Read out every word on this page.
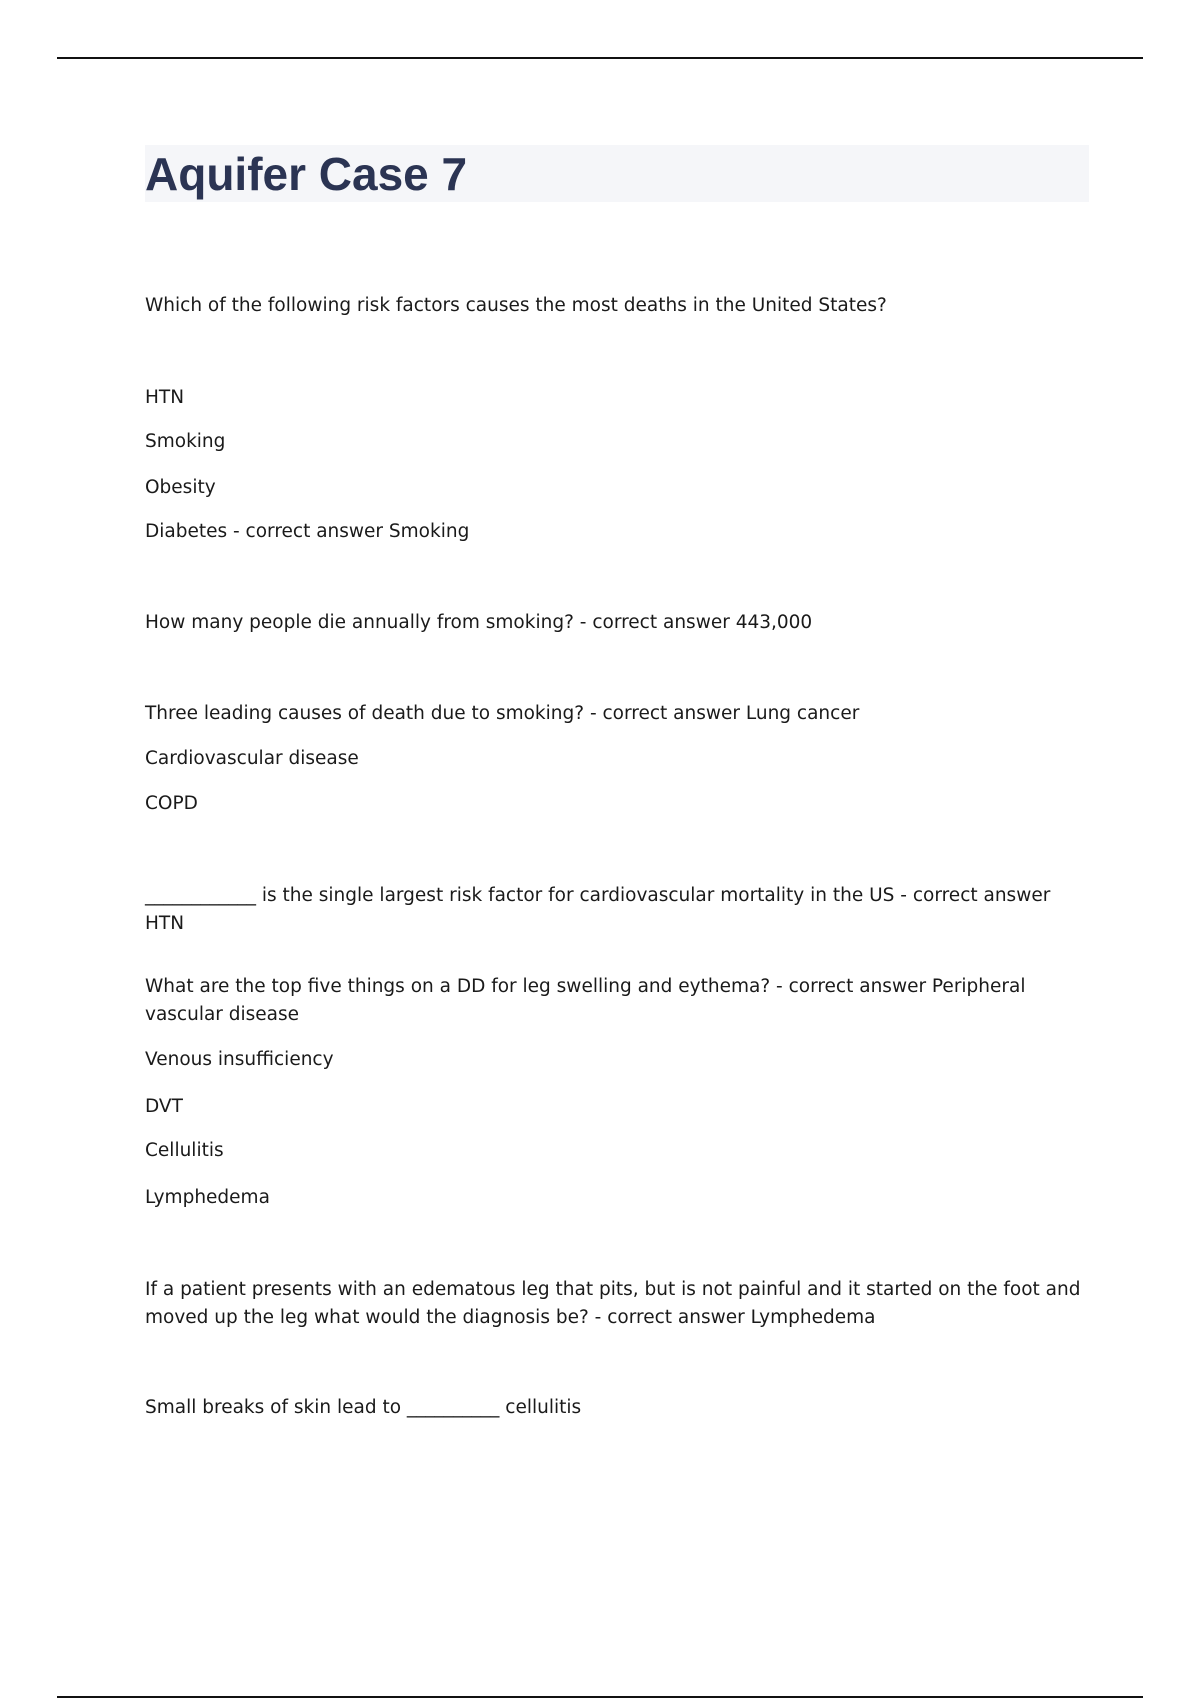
Aquifer Case 7

Which of the following risk factors causes the most deaths in the United States?

HTN

Smoking

Obesity

Diabetes - correct answer Smoking

How many people die annually from smoking? - correct answer 443,000

Three leading causes of death due to smoking? - correct answer Lung cancer

Cardiovascular disease

COPD

____________ is the single largest risk factor for cardiovascular mortality in the US - correct answer HTN

What are the top five things on a DD for leg swelling and eythema? - correct answer Peripheral vascular disease

Venous insufficiency

DVT

Cellulitis

Lymphedema

If a patient presents with an edematous leg that pits, but is not painful and it started on the foot and moved up the leg what would the diagnosis be? - correct answer Lymphedema

Small breaks of skin lead to __________ cellulitis
